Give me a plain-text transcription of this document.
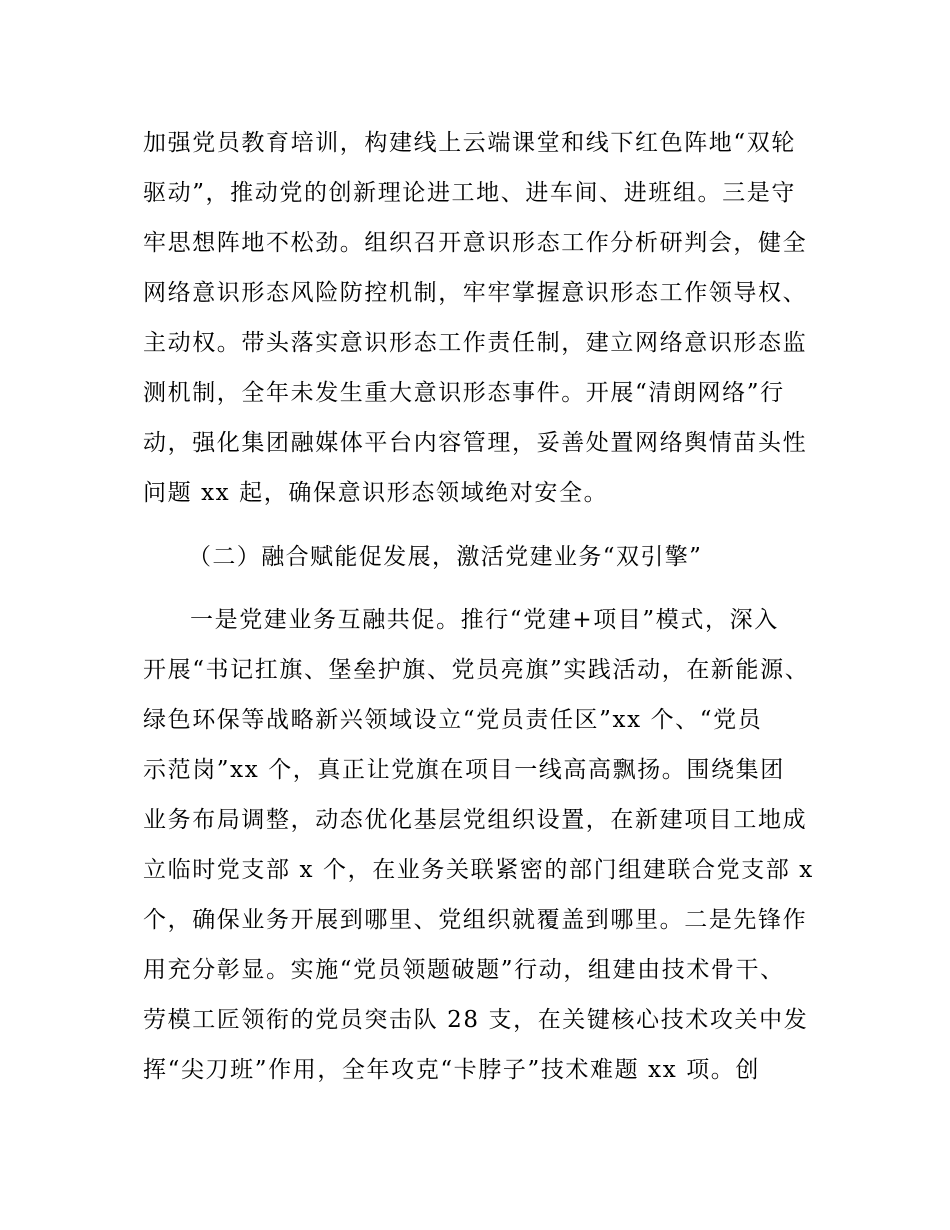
加强党员教育培训，构建线上云端课堂和线下红色阵地“双轮
驱动”，推动党的创新理论进工地、进车间、进班组。三是守
牢思想阵地不松劲。组织召开意识形态工作分析研判会，健全
网络意识形态风险防控机制，牢牢掌握意识形态工作领导权、
主动权。带头落实意识形态工作责任制，建立网络意识形态监
测机制，全年未发生重大意识形态事件。开展“清朗网络”行
动，强化集团融媒体平台内容管理，妥善处置网络舆情苗头性
问题 xx 起，确保意识形态领域绝对安全。
（二）融合赋能促发展，激活党建业务“双引擎”
一是党建业务互融共促。推行“党建+项目”模式，深入
开展“书记扛旗、堡垒护旗、党员亮旗”实践活动，在新能源、
绿色环保等战略新兴领域设立“党员责任区”xx 个、“党员
示范岗”xx 个，真正让党旗在项目一线高高飘扬。围绕集团
业务布局调整，动态优化基层党组织设置，在新建项目工地成
立临时党支部 x 个，在业务关联紧密的部门组建联合党支部 x
个，确保业务开展到哪里、党组织就覆盖到哪里。二是先锋作
用充分彰显。实施“党员领题破题”行动，组建由技术骨干、
劳模工匠领衔的党员突击队 28 支，在关键核心技术攻关中发
挥“尖刀班”作用，全年攻克“卡脖子”技术难题 xx 项。创
